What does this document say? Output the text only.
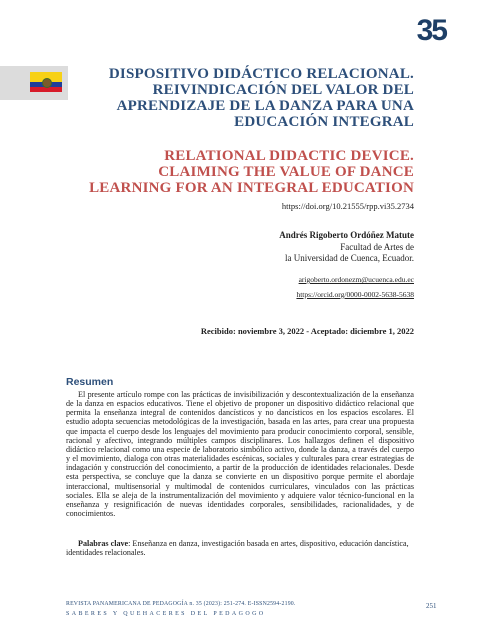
35
DISPOSITIVO DIDÁCTICO RELACIONAL.
REIVINDICACIÓN DEL VALOR DEL
APRENDIZAJE DE LA DANZA PARA UNA
EDUCACIÓN INTEGRAL
RELATIONAL DIDACTIC DEVICE.
CLAIMING THE VALUE OF DANCE
LEARNING FOR AN INTEGRAL EDUCATION
https://doi.org/10.21555/rpp.vi35.2734
Andrés Rigoberto Ordóñez Matute
Facultad de Artes de
la Universidad de Cuenca, Ecuador.
arigoberto.ordonezm@ucuenca.edu.ec
https://orcid.org/0000-0002-5638-5638
Recibido: noviembre 3, 2022 - Aceptado: diciembre 1, 2022
Resumen

El presente artículo rompe con las prácticas de invisibilización y descontextualización de la enseñanza de la danza en espacios educativos. Tiene el objetivo de proponer un dispositivo didáctico relacional que permita la enseñanza integral de contenidos dancísticos y no dancísticos en los espacios escolares. El estudio adopta secuencias metodológicas de la investigación, basada en las artes, para crear una propuesta que impacta el cuerpo desde los lenguajes del movimiento para producir conocimiento corporal, sensible, racional y afectivo, integrando múltiples campos disciplinares. Los hallazgos definen el dispositivo didáctico relacional como una especie de laboratorio simbólico activo, donde la danza, a través del cuerpo y el movimiento, dialoga con otras materialidades escénicas, sociales y culturales para crear estrategias de indagación y construcción del conocimiento, a partir de la producción de identidades relacionales. Desde esta perspectiva, se concluye que la danza se convierte en un dispositivo porque permite el abordaje interaccional, multisensorial y multimodal de contenidos curriculares, vinculados con las prácticas sociales. Ella se aleja de la instrumentalización del movimiento y adquiere valor técnico-funcional en la enseñanza y resignificación de nuevas identidades corporales, sensibilidades, racionalidades, y de conocimientos.

Palabras clave: Enseñanza en danza, investigación basada en artes, dispositivo, educación dancística, identidades relacionales.

REVISTA PANAMERICANA DE PEDAGOGÍA n. 35 (2023): 251-274. E-ISSN2594-2190.
SABERES Y QUEHACERES DEL PEDAGOGO
251
